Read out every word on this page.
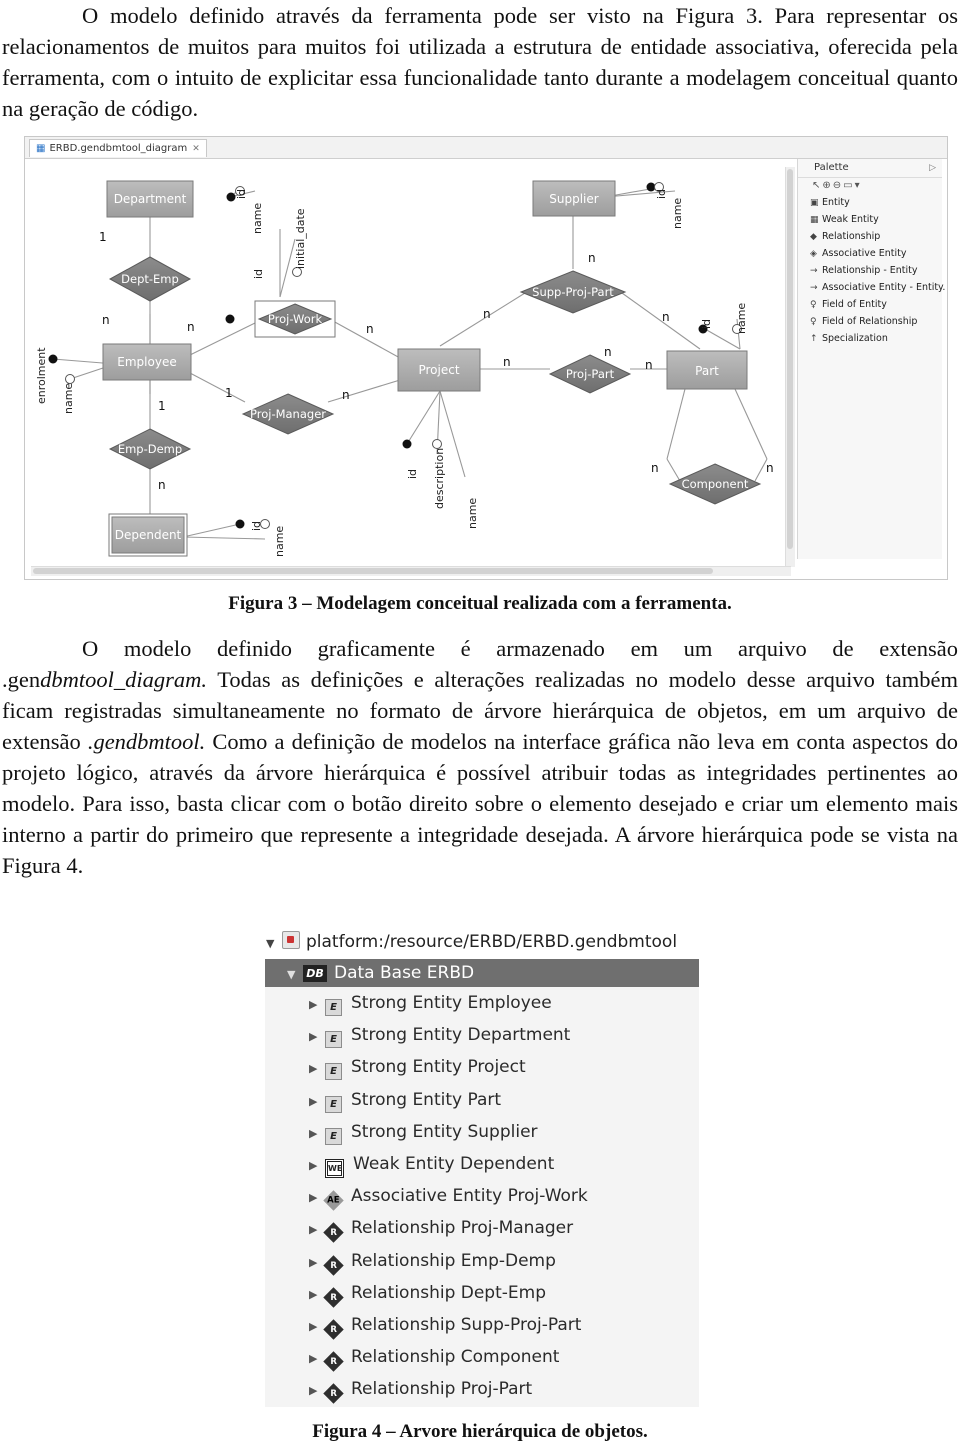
O modelo definido através da ferramenta pode ser visto na Figura 3. Para representar os relacionamentos de muitos para muitos foi utilizada a estrutura de entidade associativa, oferecida pela ferramenta, com o intuito de explicitar essa funcionalidade tanto durante a modelagem conceitual quanto na geração de código.

▦ ERBD.gendbmtool_diagram ✕
id
name
id
initial_date
id
name
enrolment name
id description
name
id name
id name
1
n	n	n
n
n
n
n
1	n
1
n
n
n	n
n
Department	Supplier
Employee
Project	Part
Dependent
Dept-Emp
Proj-Work
Supp-Proj-Part
Proj-Part
Proj-Manager
Emp-Demp
Component
Palette	▷
↖⊕⊖▭▾
▣ Entity
▦ Weak Entity
◆ Relationship
◈ Associative Entity
→ Relationship - Entity
→ Associative Entity - Entity.
♀ Field of Entity
♀ Field of Relationship
↑ Specialization

Figura 3 – Modelagem conceitual realizada com a ferramenta.

O modelo definido graficamente é armazenado em um arquivo de extensão .gendbmtool_diagram. Todas as definições e alterações realizadas no modelo desse arquivo também ficam registradas simultaneamente no formato de árvore hierárquica de objetos, em um arquivo de extensão .gendbmtool. Como a definição de modelos na interface gráfica não leva em conta aspectos do projeto lógico, através da árvore hierárquica é possível atribuir todas as integridades pertinentes ao modelo. Para isso, basta clicar com o botão direito sobre o elemento desejado e criar um elemento mais interno a partir do primeiro que represente a integridade desejada. A árvore hierárquica pode se vista na Figura 4.

▼ platform:/resource/ERBD/ERBD.gendbmtool
▼ DB Data Base ERBD
▶ E Strong Entity Employee
▶ E Strong Entity Department
▶ E Strong Entity Project
▶ E Strong Entity Part
▶ E Strong Entity Supplier
▶ WE Weak Entity Dependent
▶ AE Associative Entity Proj-Work
▶ R Relationship Proj-Manager
▶ R Relationship Emp-Demp
▶ R Relationship Dept-Emp
▶ R Relationship Supp-Proj-Part
▶ R Relationship Component
▶ R Relationship Proj-Part

Figura 4 – Arvore hierárquica de objetos.
